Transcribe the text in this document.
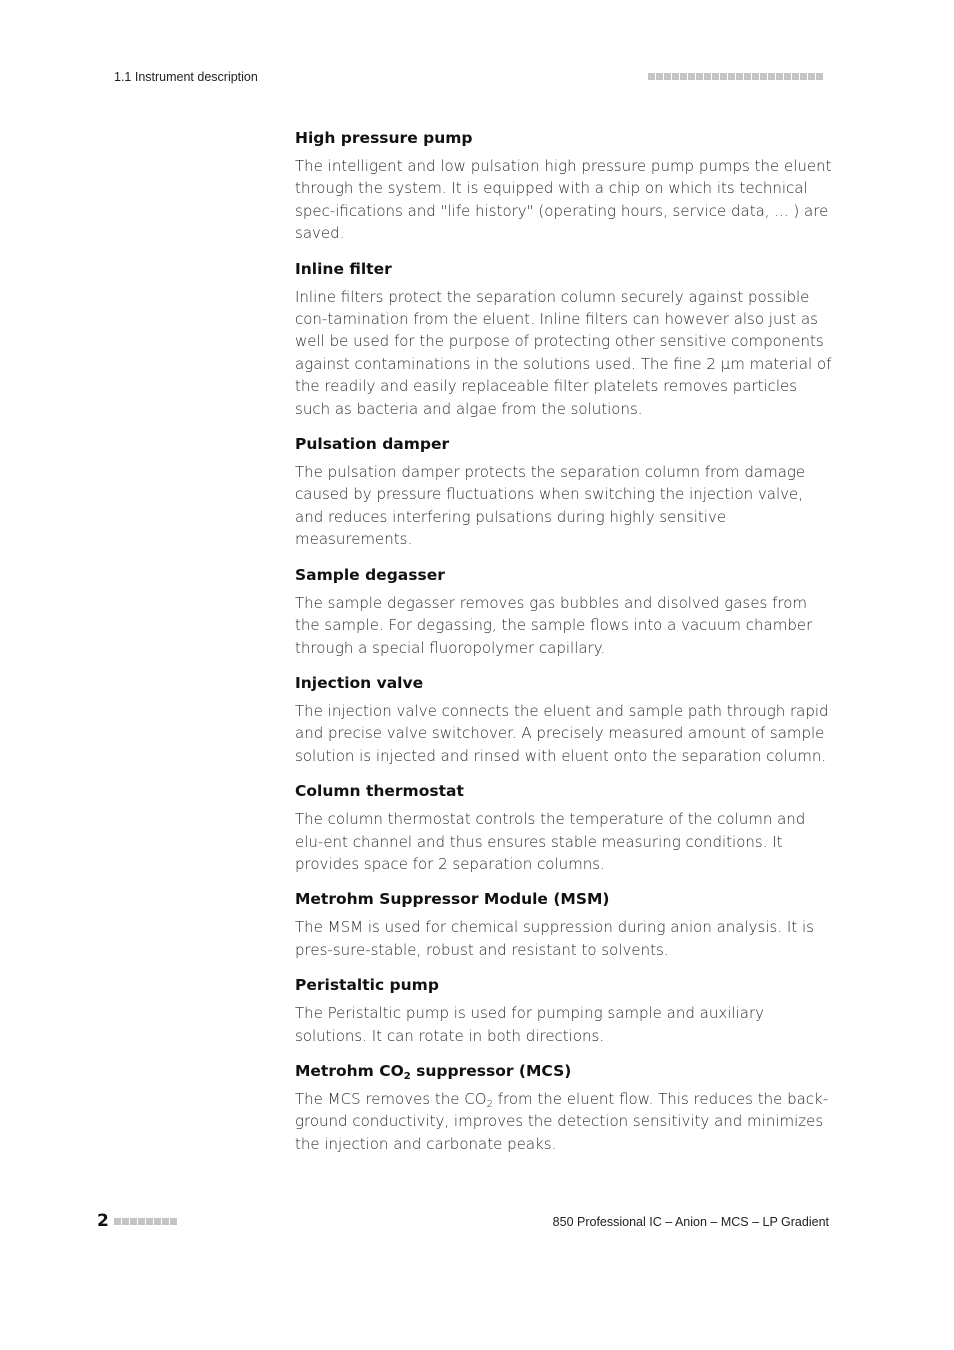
1.1 Instrument description
High pressure pump

The intelligent and low pulsation high pressure pump pumps the eluent through the system. It is equipped with a chip on which its technical spec-ifications and "life history" (operating hours, service data, ... ) are saved.

Inline filter

Inline filters protect the separation column securely against possible con-tamination from the eluent. Inline filters can however also just as well be used for the purpose of protecting other sensitive components against contaminations in the solutions used. The fine 2 µm material of the readily and easily replaceable filter platelets removes particles such as bacteria and algae from the solutions.

Pulsation damper

The pulsation damper protects the separation column from damage caused by pressure fluctuations when switching the injection valve, and reduces interfering pulsations during highly sensitive measurements.

Sample degasser

The sample degasser removes gas bubbles and disolved gases from the sample. For degassing, the sample flows into a vacuum chamber through a special fluoropolymer capillary.

Injection valve

The injection valve connects the eluent and sample path through rapid and precise valve switchover. A precisely measured amount of sample solution is injected and rinsed with eluent onto the separation column.

Column thermostat

The column thermostat controls the temperature of the column and elu-ent channel and thus ensures stable measuring conditions. It provides space for 2 separation columns.

Metrohm Suppressor Module (MSM)

The MSM is used for chemical suppression during anion analysis. It is pres-sure-stable, robust and resistant to solvents.

Peristaltic pump

The Peristaltic pump is used for pumping sample and auxiliary solutions. It can rotate in both directions.

Metrohm $CO_2$ suppressor (MCS)

The MCS removes the $CO_2$ from the eluent flow. This reduces the back-ground conductivity, improves the detection sensitivity and minimizes the injection and carbonate peaks.

2	850 Professional IC – Anion – MCS – LP Gradient
